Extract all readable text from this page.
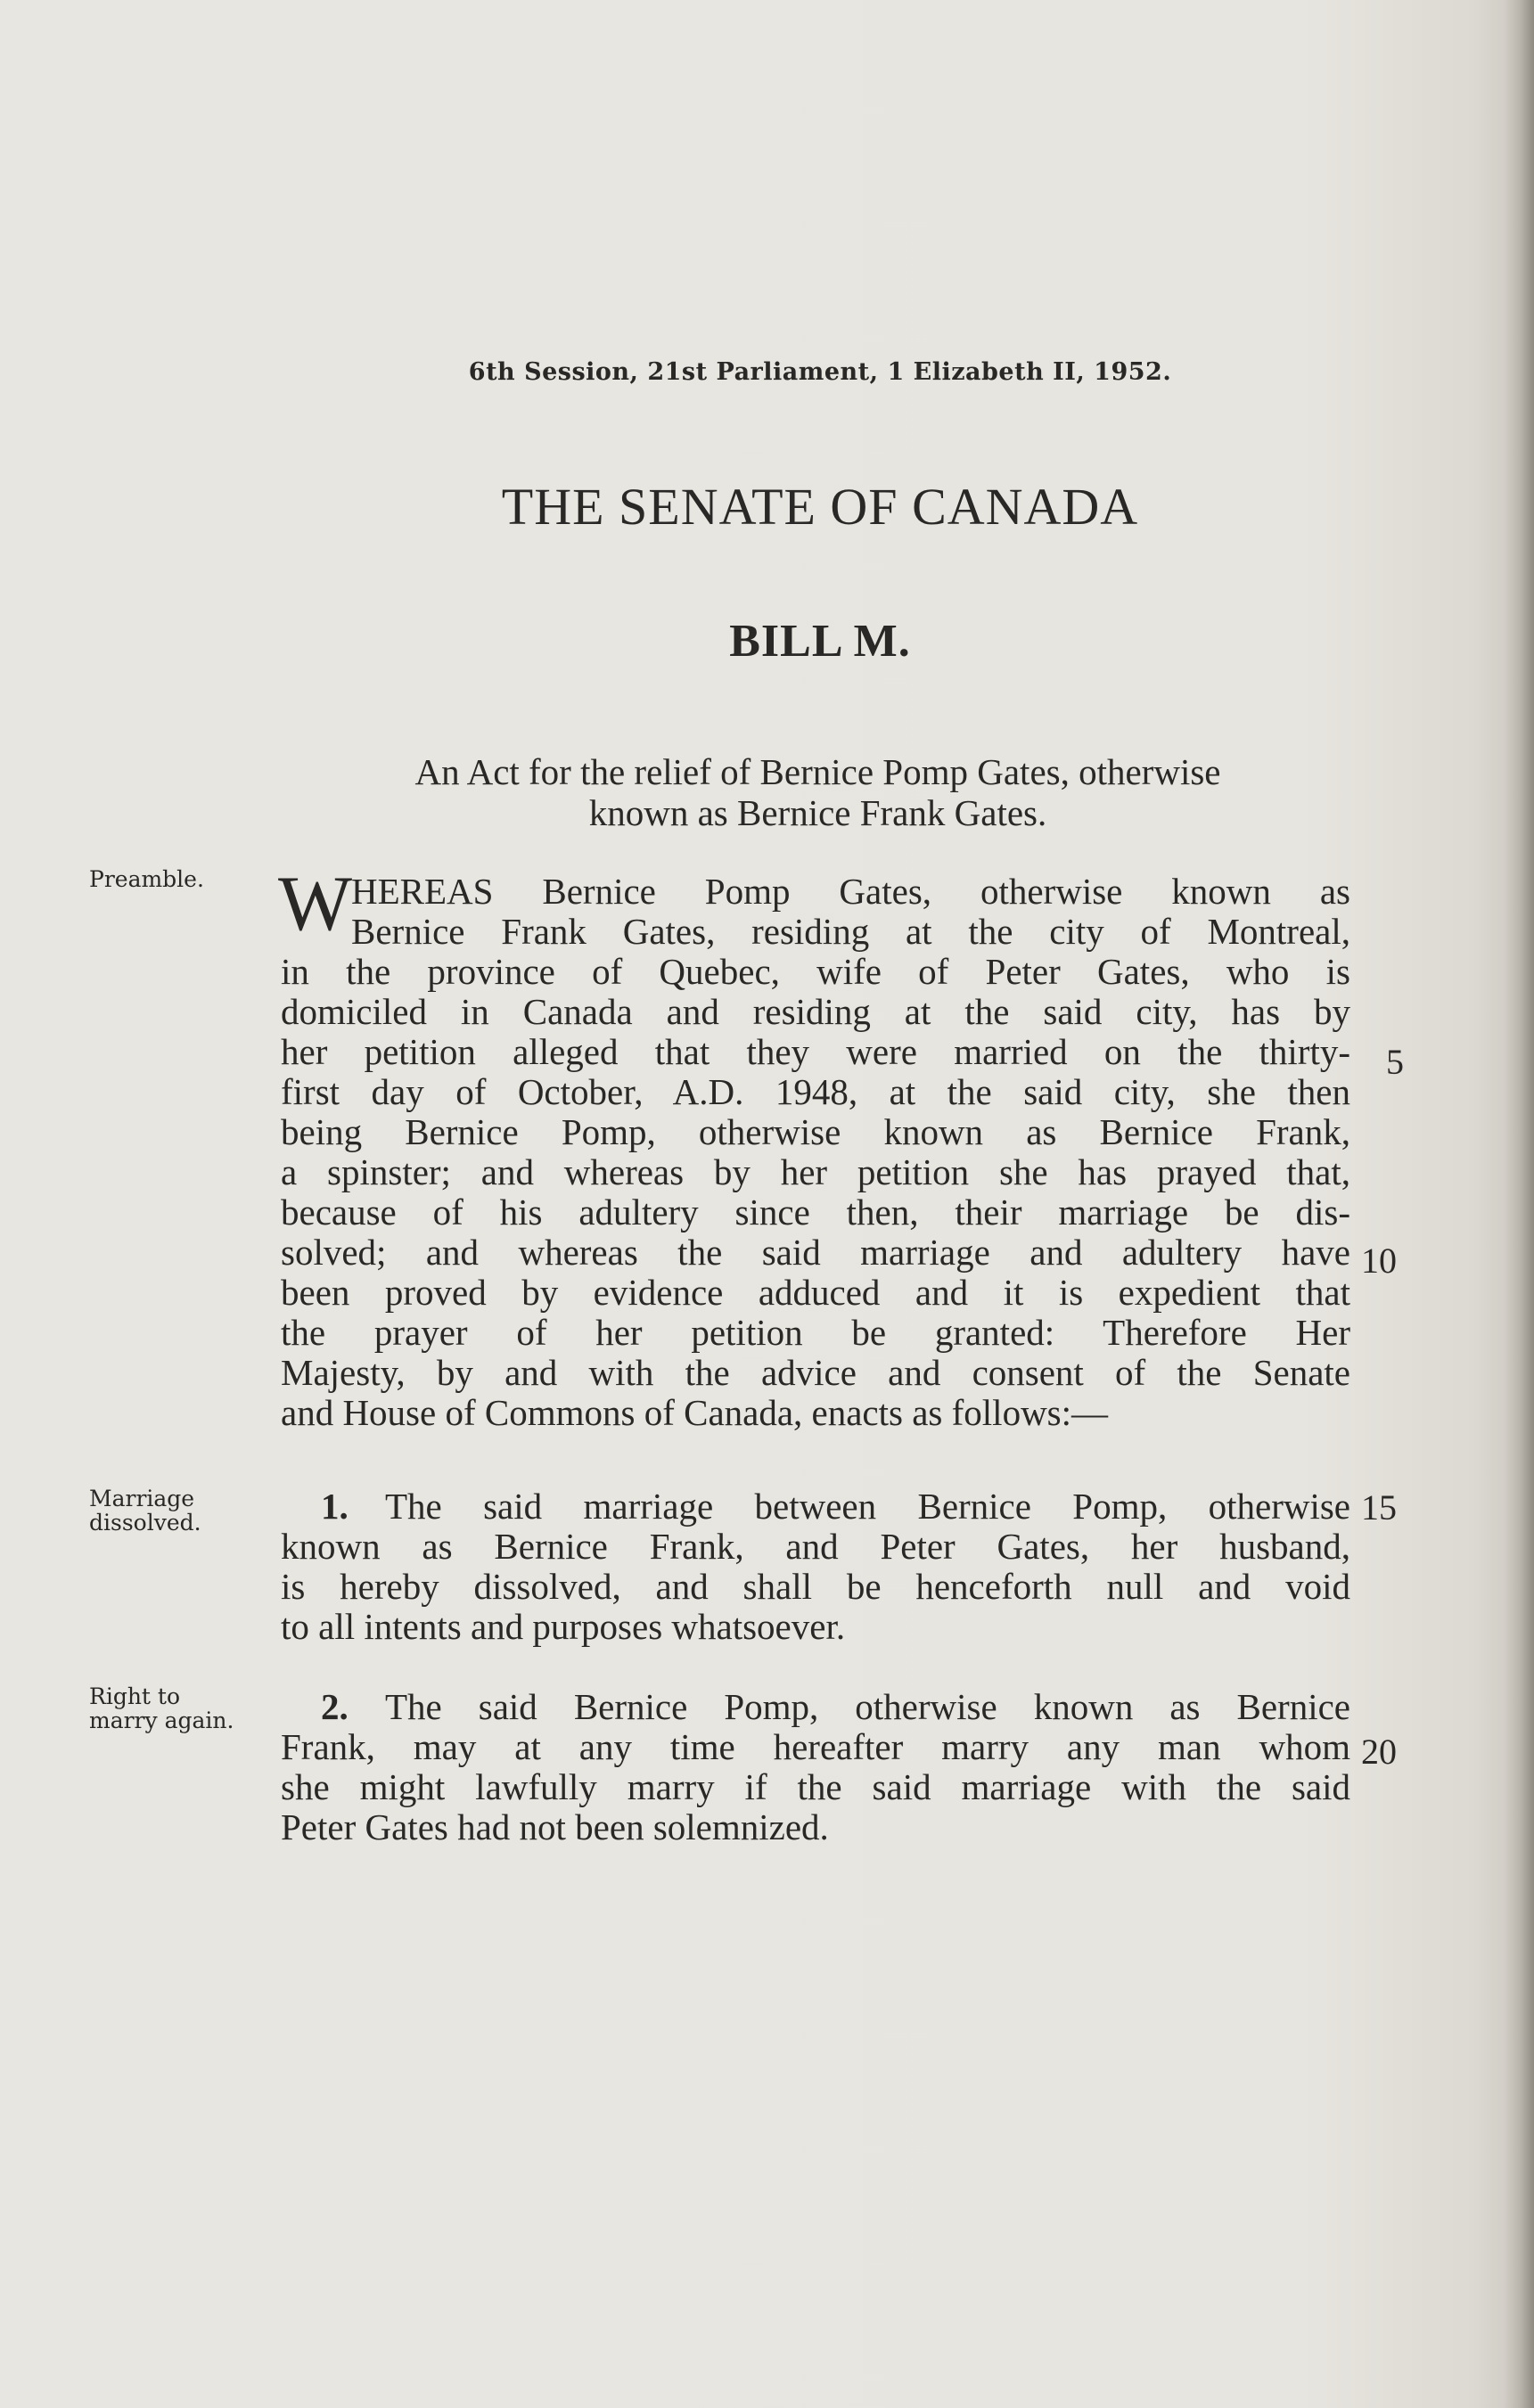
6th Session, 21st Parliament, 1 Elizabeth II, 1952.
THE SENATE OF CANADA
BILL M.
An Act for the relief of Bernice Pomp Gates, otherwise
known as Bernice Frank Gates.
Preamble.
Marriage
dissolved.
Right to
marry again.
W
HEREAS Bernice Pomp Gates, otherwise known as
Bernice Frank Gates, residing at the city of Montreal,
in the province of Quebec, wife of Peter Gates, who is
domiciled in Canada and residing at the said city, has by
her petition alleged that they were married on the thirty-
first day of October, A.D. 1948, at the said city, she then
being Bernice Pomp, otherwise known as Bernice Frank,
a spinster; and whereas by her petition she has prayed that,
because of his adultery since then, their marriage be dis-
solved; and whereas the said marriage and adultery have
been proved by evidence adduced and it is expedient that
the prayer of her petition be granted: Therefore Her
Majesty, by and with the advice and consent of the Senate
and House of Commons of Canada, enacts as follows:—
1.	The said marriage between Bernice Pomp, otherwise
known as Bernice Frank, and Peter Gates, her husband,
is hereby dissolved, and shall be henceforth null and void
to all intents and purposes whatsoever.
2.	The said Bernice Pomp, otherwise known as Bernice
Frank, may at any time hereafter marry any man whom
she might lawfully marry if the said marriage with the said
Peter Gates had not been solemnized.
5
10
15
20
